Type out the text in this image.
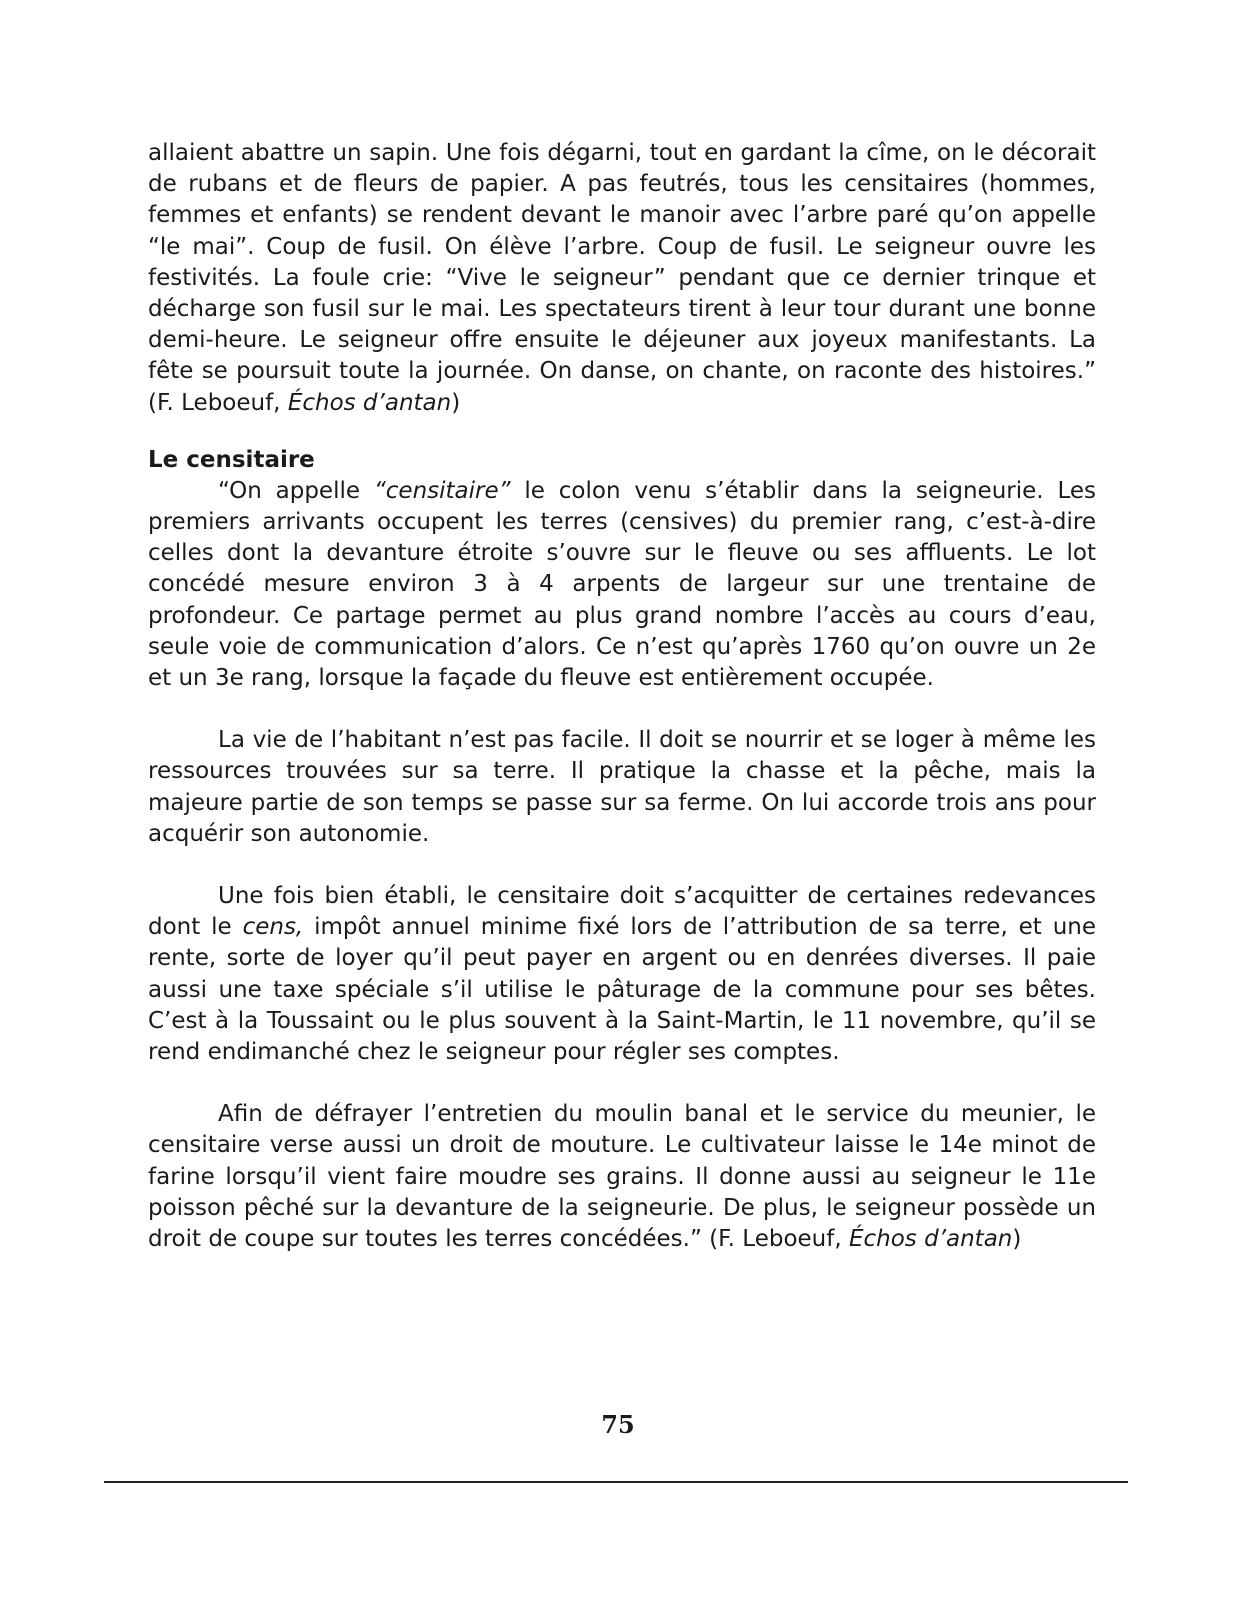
allaient abattre un sapin. Une fois dégarni, tout en gardant la cîme, on le décorait de rubans et de fleurs de papier. A pas feutrés, tous les censitaires (hommes, femmes et enfants) se rendent devant le manoir avec l’arbre paré qu’on appelle “le mai”. Coup de fusil. On élève l’arbre. Coup de fusil. Le seigneur ouvre les festivités. La foule crie: “Vive le seigneur” pendant que ce dernier trinque et décharge son fusil sur le mai. Les spectateurs tirent à leur tour durant une bonne demi-heure. Le seigneur offre ensuite le déjeuner aux joyeux manifestants. La fête se poursuit toute la journée. On danse, on chante, on raconte des histoires.” (F. Leboeuf, Échos d’antan)

Le censitaire

“On appelle “censitaire” le colon venu s’établir dans la seigneurie. Les premiers arrivants occupent les terres (censives) du premier rang, c’est-à-dire celles dont la devanture étroite s’ouvre sur le fleuve ou ses affluents. Le lot concédé mesure environ 3 à 4 arpents de largeur sur une trentaine de profondeur. Ce partage permet au plus grand nombre l’accès au cours d’eau, seule voie de communication d’alors. Ce n’est qu’après 1760 qu’on ouvre un 2e et un 3e rang, lorsque la façade du fleuve est entièrement occupée.

La vie de l’habitant n’est pas facile. Il doit se nourrir et se loger à même les ressources trouvées sur sa terre. Il pratique la chasse et la pêche, mais la majeure partie de son temps se passe sur sa ferme. On lui accorde trois ans pour acquérir son autonomie.

Une fois bien établi, le censitaire doit s’acquitter de certaines redevances dont le cens, impôt annuel minime fixé lors de l’attribution de sa terre, et une rente, sorte de loyer qu’il peut payer en argent ou en denrées diverses. Il paie aussi une taxe spéciale s’il utilise le pâturage de la commune pour ses bêtes. C’est à la Toussaint ou le plus souvent à la Saint-Martin, le 11 novembre, qu’il se rend endimanché chez le seigneur pour régler ses comptes.

Afin de défrayer l’entretien du moulin banal et le service du meunier, le censitaire verse aussi un droit de mouture. Le cultivateur laisse le 14e minot de farine lorsqu’il vient faire moudre ses grains. Il donne aussi au seigneur le 11e poisson pêché sur la devanture de la seigneurie. De plus, le seigneur possède un droit de coupe sur toutes les terres concédées.” (F. Leboeuf, Échos d’antan)

75
